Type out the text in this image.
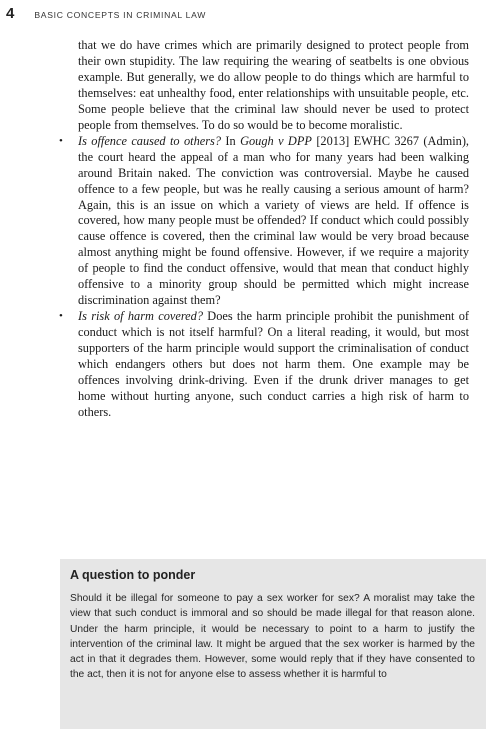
4 BASIC CONCEPTS IN CRIMINAL LAW

that we do have crimes which are primarily designed to protect people from their own stupidity. The law requiring the wearing of seatbelts is one obvious example. But generally, we do allow people to do things which are harmful to themselves: eat unhealthy food, enter relationships with unsuitable people, etc. Some people believe that the criminal law should never be used to protect people from themselves. To do so would be to become moralistic.

• Is offence caused to others? In Gough v DPP [2013] EWHC 3267 (Admin), the court heard the appeal of a man who for many years had been walking around Britain naked. The conviction was controversial. Maybe he caused offence to a few people, but was he really causing a serious amount of harm? Again, this is an issue on which a variety of views are held. If offence is covered, how many people must be offended? If conduct which could possibly cause offence is covered, then the criminal law would be very broad because almost anything might be found offensive. However, if we require a majority of people to find the conduct offensive, would that mean that conduct highly offensive to a minority group should be permitted which might increase discrimination against them?

• Is risk of harm covered? Does the harm principle prohibit the punishment of conduct which is not itself harmful? On a literal reading, it would, but most supporters of the harm principle would support the criminalisation of conduct which endangers others but does not harm them. One example may be offences involving drink-driving. Even if the drunk driver manages to get home without hurting anyone, such conduct carries a high risk of harm to others.

A question to ponder
Should it be illegal for someone to pay a sex worker for sex? A moralist may take the view that such conduct is immoral and so should be made illegal for that reason alone. Under the harm principle, it would be necessary to point to a harm to justify the intervention of the criminal law. It might be argued that the sex worker is harmed by the act in that it degrades them. However, some would reply that if they have consented to the act, then it is not for anyone else to assess whether it is harmful to
